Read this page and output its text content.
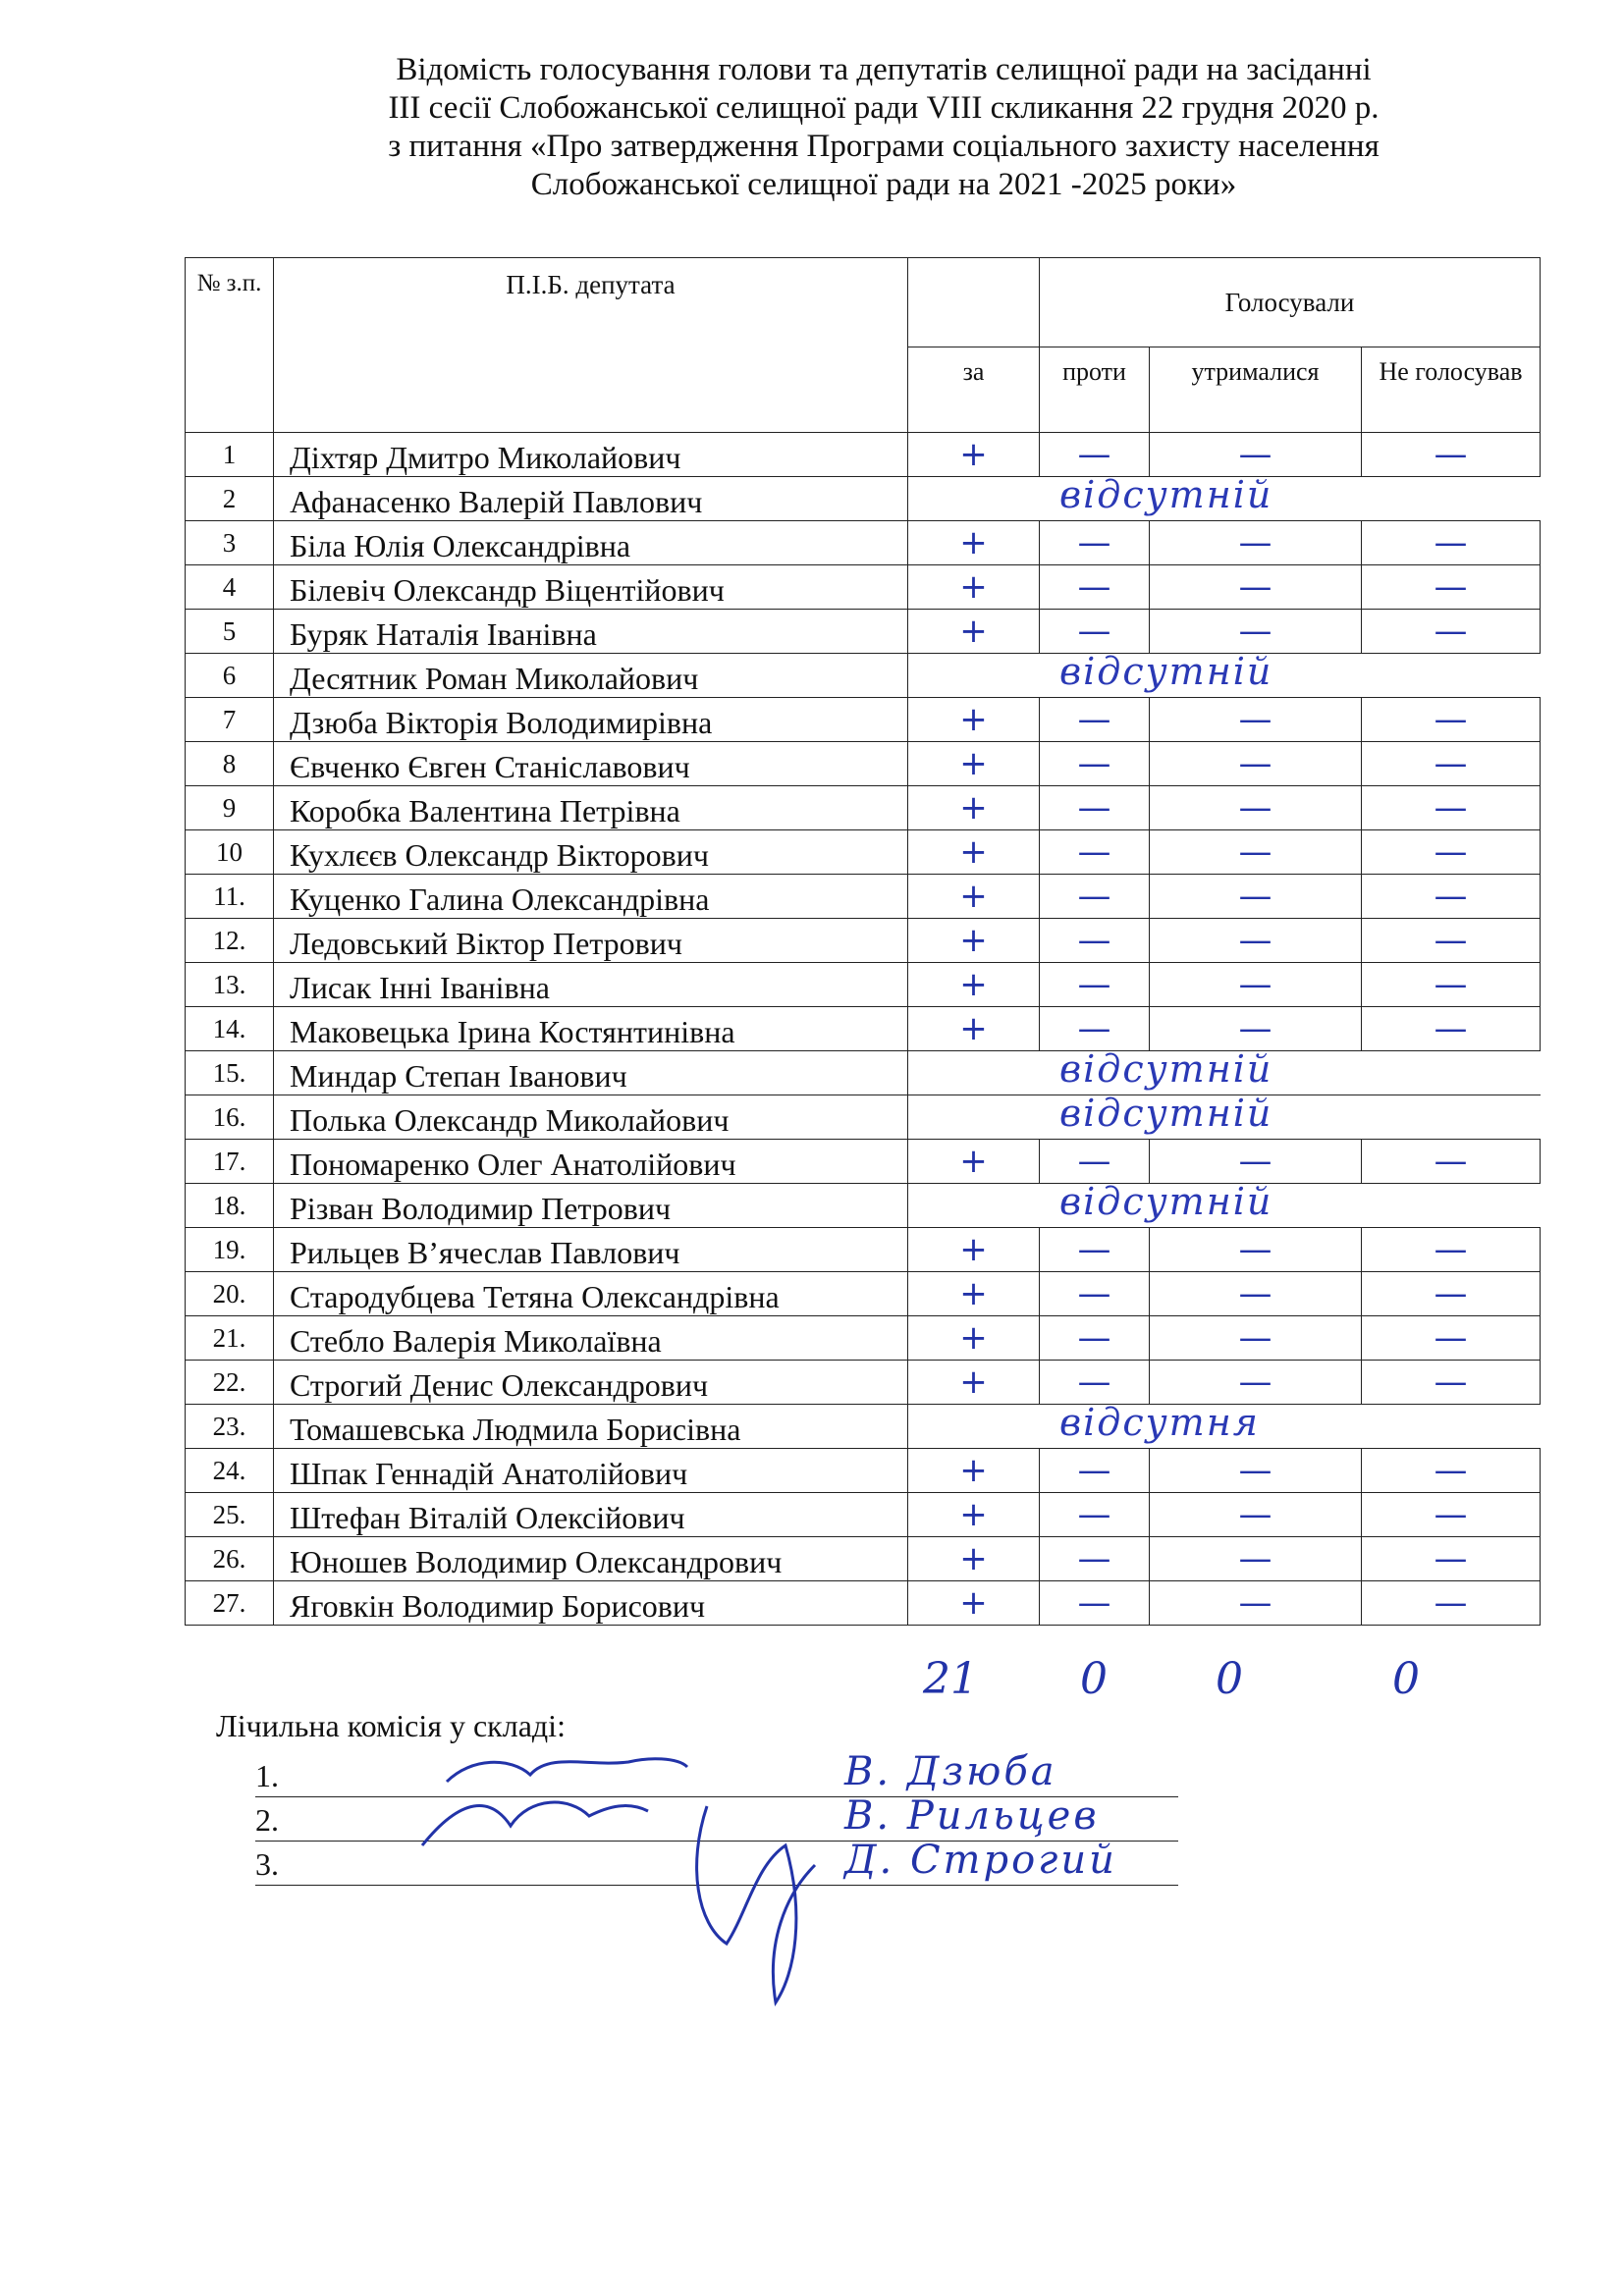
Відомість голосування голови та депутатів селищної ради на засіданні
ІІІ сесії Слобожанської селищної ради VIII скликання 22 грудня 2020 р.
з питання «Про затвердження Програми соціального захисту населення
Слобожанської селищної ради на 2021 -2025 роки»
№ з.п.	П.І.Б. депутата		Голосували		
		за	проти	утрималися	Не голосував
1	Діхтяр Дмитро Миколайович	+	—	—	—
2	Афанасенко Валерій Павлович		відсутній		

3	Біла Юлія Олександрівна	+	—	—	—
4	Білевіч Олександр Віцентійович	+	—	—	—
5	Буряк Наталія Іванівна	+	—	—	—
6	Десятник Роман Миколайович		відсутній		

7	Дзюба Вікторія Володимирівна	+	—	—	—
8	Євченко Євген Станіславович	+	—	—	—
9	Коробка Валентина Петрівна	+	—	—	—
10	Кухлєєв Олександр Вікторович	+	—	—	—
11.	Куценко Галина Олександрівна	+	—	—	—
12.	Ледовський Віктор Петрович	+	—	—	—
13.	Лисак Інні Іванівна	+	—	—	—
14.	Маковецька Ірина Костянтинівна	+	—	—	—
15.	Миндар Степан Іванович		відсутній		

16.	Полька Олександр Миколайович		відсутній		

17.	Пономаренко Олег Анатолійович	+	—	—	—
18.	Різван Володимир Петрович		відсутній		

19.	Рильцев В’ячеслав Павлович	+	—	—	—
20.	Стародубцева Тетяна Олександрівна	+	—	—	—
21.	Стебло Валерія Миколаївна	+	—	—	—
22.	Строгий Денис Олександрович	+	—	—	—
23.	Томашевська Людмила Борисівна		відсутня		

24.	Шпак Геннадій Анатолійович	+	—	—	—
25.	Штефан Віталій Олексійович	+	—	—	—
26.	Юношев Володимир Олександрович	+	—	—	—
27.	Яговкін Володимир Борисович	+	—	—	—
21 0	0	0
Лічильна комісія у складі:
1.	В. Дзюба
2.	В. Рильцев
3.	Д. Строгий
